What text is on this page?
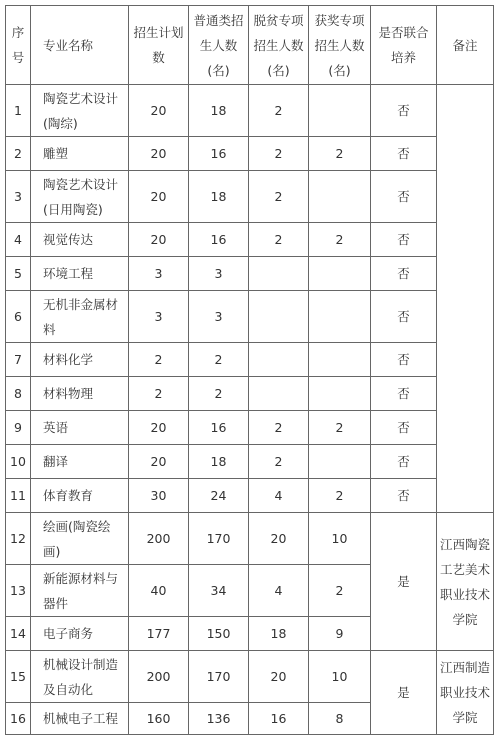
序号	专业名称	招生计划数	普通类招生人数(名)	脱贫专项招生人数(名)	获奖专项招生人数(名)	是否联合培养	备注
1	陶瓷艺术设计(陶综)	20	18	2		否	
2	雕塑	20	16	2	2	否	
3	陶瓷艺术设计(日用陶瓷)	20	18	2		否	
4	视觉传达	20	16	2	2	否	
5	环境工程	3	3			否	
6	无机非金属材料	3	3			否	
7	材料化学	2	2			否	
8	材料物理	2	2			否	
9	英语	20	16	2	2	否	
10	翻译	20	18	2		否	
11	体育教育	30	24	4	2	否	
12	绘画(陶瓷绘画)	200	170	20	10	是	江西陶瓷工艺美术职业技术学院
13	新能源材料与器件	40	34	4	2		
14	电子商务	177	150	18	9		
15	机械设计制造及自动化	200	170	20	10	是	江西制造职业技术学院
16	机械电子工程	160	136	16	8		
